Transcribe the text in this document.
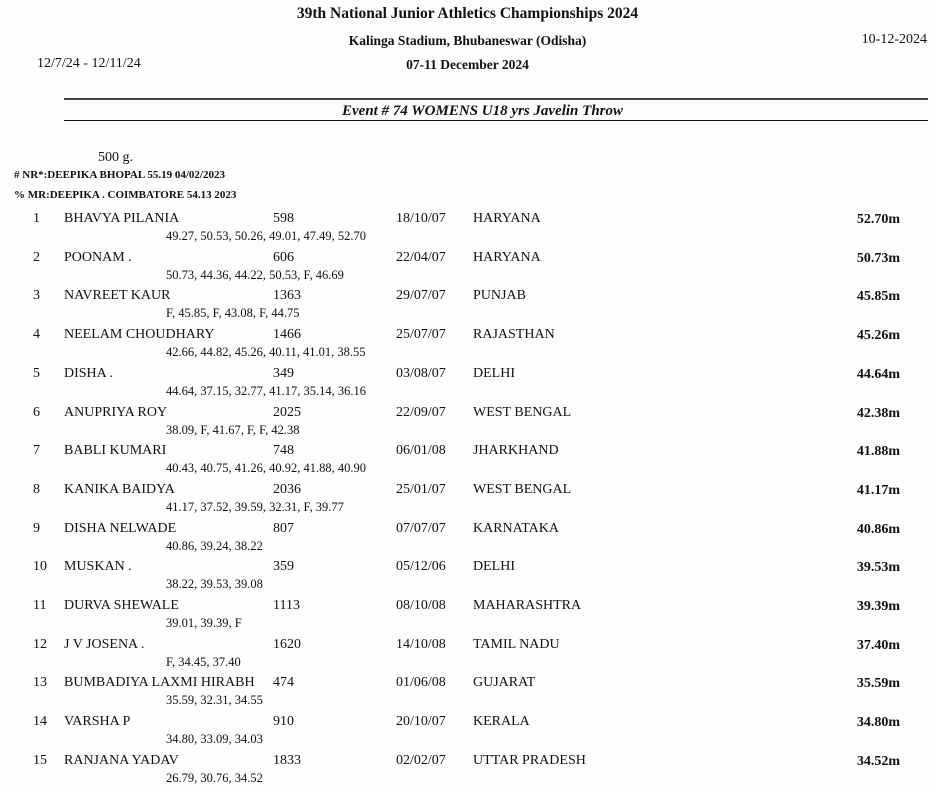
39th National Junior Athletics Championships 2024
Kalinga Stadium, Bhubaneswar (Odisha)	10-12-2024
12/7/24 - 12/11/24	07-11 December 2024
Event # 74 WOMENS U18 yrs Javelin Throw
500 g.
# NR*:DEEPIKA BHOPAL 55.19 04/02/2023
% MR:DEEPIKA . COIMBATORE 54.13 2023
1 BHAVYA PILANIA	598	18/10/07 HARYANA	52.70m
49.27, 50.53, 50.26, 49.01, 47.49, 52.70
2 POONAM .	606	22/04/07 HARYANA	50.73m
50.73, 44.36, 44.22, 50.53, F, 46.69
3 NAVREET KAUR	1363	29/07/07 PUNJAB	45.85m
F, 45.85, F, 43.08, F, 44.75
4 NEELAM CHOUDHARY	1466	25/07/07 RAJASTHAN	45.26m
42.66, 44.82, 45.26, 40.11, 41.01, 38.55
5 DISHA .	349	03/08/07 DELHI	44.64m
44.64, 37.15, 32.77, 41.17, 35.14, 36.16
6 ANUPRIYA ROY	2025	22/09/07 WEST BENGAL	42.38m
38.09, F, 41.67, F, F, 42.38
7 BABLI KUMARI	748	06/01/08 JHARKHAND	41.88m
40.43, 40.75, 41.26, 40.92, 41.88, 40.90
8 KANIKA BAIDYA	2036	25/01/07 WEST BENGAL	41.17m
41.17, 37.52, 39.59, 32.31, F, 39.77
9 DISHA NELWADE	807	07/07/07 KARNATAKA	40.86m
40.86, 39.24, 38.22
10 MUSKAN .	359	05/12/06 DELHI	39.53m
38.22, 39.53, 39.08
11 DURVA SHEWALE	1113	08/10/08 MAHARASHTRA	39.39m
39.01, 39.39, F
12 J V JOSENA .	1620	14/10/08 TAMIL NADU	37.40m
F, 34.45, 37.40
13 BUMBADIYA LAXMI HIRABH 474	01/06/08 GUJARAT	35.59m
35.59, 32.31, 34.55
14 VARSHA P	910	20/10/07 KERALA	34.80m
34.80, 33.09, 34.03
15 RANJANA YADAV	1833	02/02/07 UTTAR PRADESH	34.52m
26.79, 30.76, 34.52
